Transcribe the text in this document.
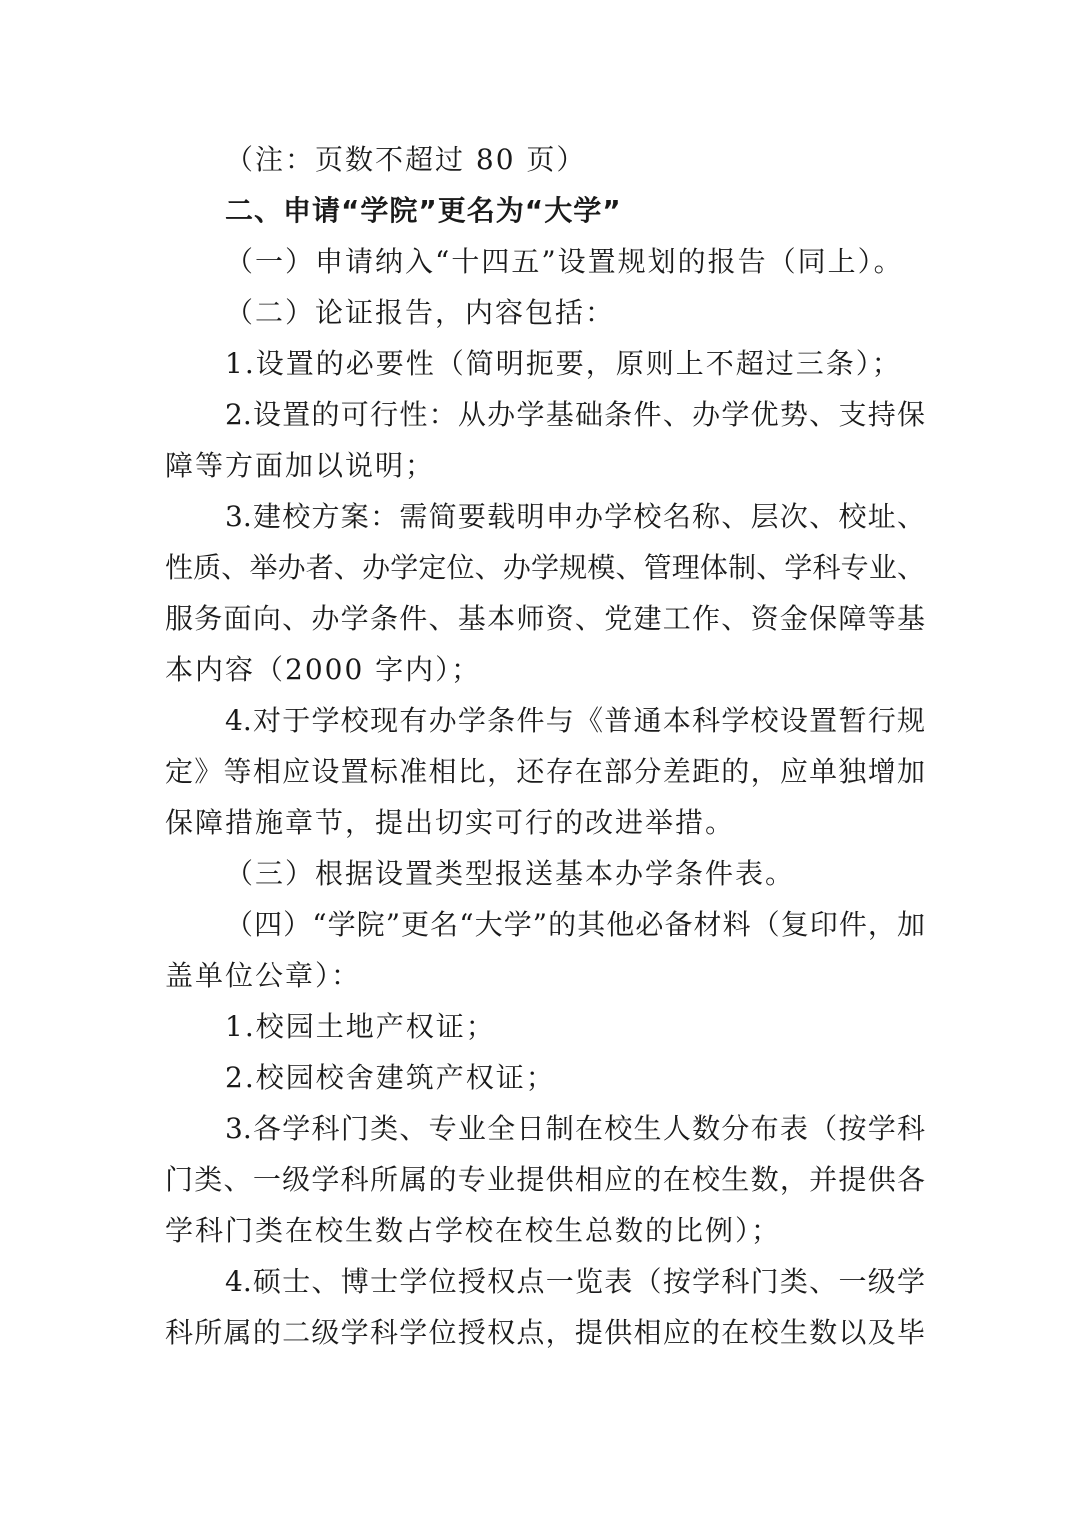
（注：页数不超过 80 页）
二、申请“学院”更名为“大学”
（一）申请纳入“十四五”设置规划的报告（同上）。
（二）论证报告，内容包括：
1.设置的必要性（简明扼要，原则上不超过三条）；
2.设置的可行性：从办学基础条件、办学优势、支持保
障等方面加以说明；
3.建校方案：需简要载明申办学校名称、层次、校址、
性质、举办者、办学定位、办学规模、管理体制、学科专业、
服务面向、办学条件、基本师资、党建工作、资金保障等基
本内容（2000 字内）；
4.对于学校现有办学条件与《普通本科学校设置暂行规
定》等相应设置标准相比，还存在部分差距的，应单独增加
保障措施章节，提出切实可行的改进举措。
（三）根据设置类型报送基本办学条件表。
（四）“学院”更名“大学”的其他必备材料（复印件，加
盖单位公章）：
1.校园土地产权证；
2.校园校舍建筑产权证；
3.各学科门类、专业全日制在校生人数分布表（按学科
门类、一级学科所属的专业提供相应的在校生数，并提供各
学科门类在校生数占学校在校生总数的比例）；
4.硕士、博士学位授权点一览表（按学科门类、一级学
科所属的二级学科学位授权点，提供相应的在校生数以及毕
